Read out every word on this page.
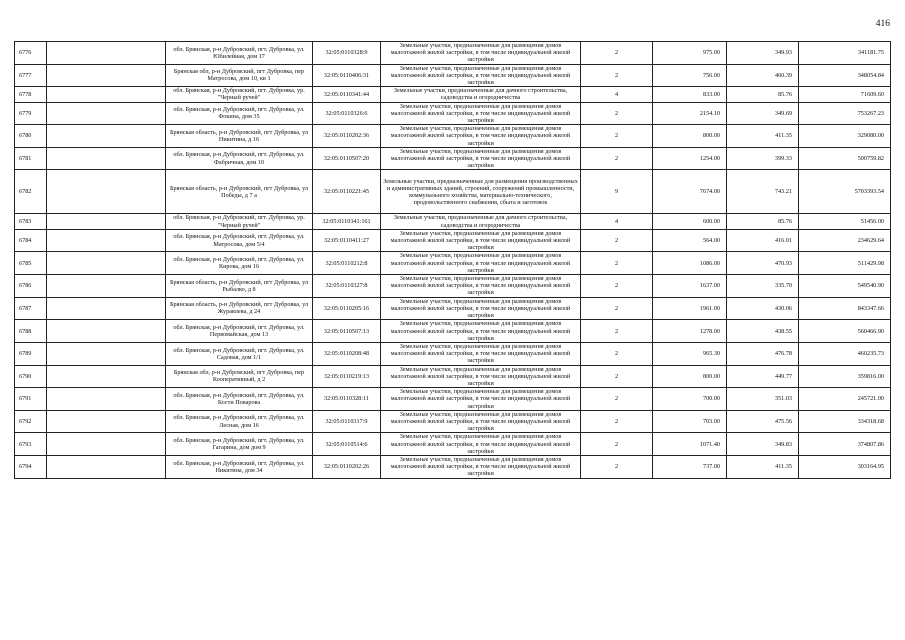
416
6776		обл. Брянская, р-н Дубровский, пгт. Дубровка, ул. Юбилейная, дом 17	32:05:0110328:9	Земельные участки, предназначенные для размещения домов малоэтажной жилой застройки, в том числе индивидуальной жилой застройки	2	975.00	349.93	341181.75
6777		Брянская обл, р-н Дубровский, пгт Дубровка, пер Матросова, дом 10, кв 1	32:05:0110406:31	Земельные участки, предназначенные для размещения домов малоэтажной жилой застройки, в том числе индивидуальной жилой застройки	2	756.00	460.39	348054.84
6778		обл. Брянская, р-н Дубровский, пгт. Дубровка, ур. "Черный ручей"	32:05:0110341:44	Земельные участки, предназначенные для дачного строительства, садоводства и огородничества	4	833.00	85.76	71609.60
6779		обл. Брянская, р-н Дубровский, пгт. Дубровка, ул. Фокина, дом 35	32:05:0110326:6	Земельные участки, предназначенные для размещения домов малоэтажной жилой застройки, в том числе индивидуальной жилой застройки	2	2154.10	349.69	753267.23
6780		Брянская область, р-н Дубровский, пгт Дубровка, ул Никитина, д 16	32:05:0110202:36	Земельные участки, предназначенные для размещения домов малоэтажной жилой застройки, в том числе индивидуальной жилой застройки	2	800.00	411.35	329080.00
6781		обл. Брянская, р-н Дубровский, пгт. Дубровка, ул. Фабричная, дом 10	32:05:0110507:20	Земельные участки, предназначенные для размещения домов малоэтажной жилой застройки, в том числе индивидуальной жилой застройки	2	1254.00	399.33	500759.82
6782		Брянская область, р-н Дубровский, пгт Дубровка, ул Победы, д 7 а	32:05:0110221:45	Земельные участки, предназначенные для размещения производственных и административных зданий, строений, сооружений промышленности, коммунального хозяйства, материально-технического, продовольственного снабжения, сбыта и заготовок	9	7674.00	743.21	5703393.54
6783		обл. Брянская, р-н Дубровский, пгт. Дубровка, ур. "Черный ручей"	32:05:0110341:161	Земельные участки, предназначенные для дачного строительства, садоводства и огородничества	4	600.00	85.76	51456.00
6784		обл. Брянская, р-н Дубровский, пгт. Дубровка, ул. Матросова, дом 5/4	32:05:0110411:27	Земельные участки, предназначенные для размещения домов малоэтажной жилой застройки, в том числе индивидуальной жилой застройки	2	564.00	416.01	234629.64
6785		обл. Брянская, р-н Дубровский, пгт. Дубровка, ул. Кирова, дом 16	32:05:0110212:8	Земельные участки, предназначенные для размещения домов малоэтажной жилой застройки, в том числе индивидуальной жилой застройки	2	1086.00	470.93	511429.98
6786		Брянская область, р-н Дубровский, пгт Дубровка, ул Рыбалко, д 8	32:05:0110327:8	Земельные участки, предназначенные для размещения домов малоэтажной жилой застройки, в том числе индивидуальной жилой застройки	2	1637.00	335.70	549540.90
6787		Брянская область, р-н Дубровский, пгт Дубровка, ул Журавлева, д 24	32:05:0110205:16	Земельные участки, предназначенные для размещения домов малоэтажной жилой застройки, в том числе индивидуальной жилой застройки	2	1961.00	430.06	843347.66
6788		обл. Брянская, р-н Дубровский, пгт. Дубровка, ул. Первомайская, дом 13	32:05:0110507:13	Земельные участки, предназначенные для размещения домов малоэтажной жилой застройки, в том числе индивидуальной жилой застройки	2	1278.00	438.55	560466.90
6789		обл. Брянская, р-н Дубровский, пгт. Дубровка, ул. Садовая, дом 1/1	32:05:0110208:48	Земельные участки, предназначенные для размещения домов малоэтажной жилой застройки, в том числе индивидуальной жилой застройки	2	965.30	476.78	460235.73
6790		Брянская обл, р-н Дубровский, пгт Дубровка, пер Кооперативный, д 2	32:05:0110219:13	Земельные участки, предназначенные для размещения домов малоэтажной жилой застройки, в том числе индивидуальной жилой застройки	2	800.00	449.77	359816.00
6791		обл. Брянская, р-н Дубровский, пгт. Дубровка, ул. Кости Поварова	32:05:0110328:11	Земельные участки, предназначенные для размещения домов малоэтажной жилой застройки, в том числе индивидуальной жилой застройки	2	700.00	351.03	245721.00
6792		обл. Брянская, р-н Дубровский, пгт. Дубровка, ул. Лесная, дом 16	32:05:0110317:9	Земельные участки, предназначенные для размещения домов малоэтажной жилой застройки, в том числе индивидуальной жилой застройки	2	703.00	475.56	334318.68
6793		обл. Брянская, р-н Дубровский, пгт. Дубровка, ул. Гагарина, дом дом 9	32:05:0110514:6	Земельные участки, предназначенные для размещения домов малоэтажной жилой застройки, в том числе индивидуальной жилой застройки	2	1071.40	349.83	374807.86
6794		обл. Брянская, р-н Дубровский, пгт. Дубровка, ул. Никитина, дом 34	32:05:0110202:26	Земельные участки, предназначенные для размещения домов малоэтажной жилой застройки, в том числе индивидуальной жилой застройки	2	737.00	411.35	303164.95
